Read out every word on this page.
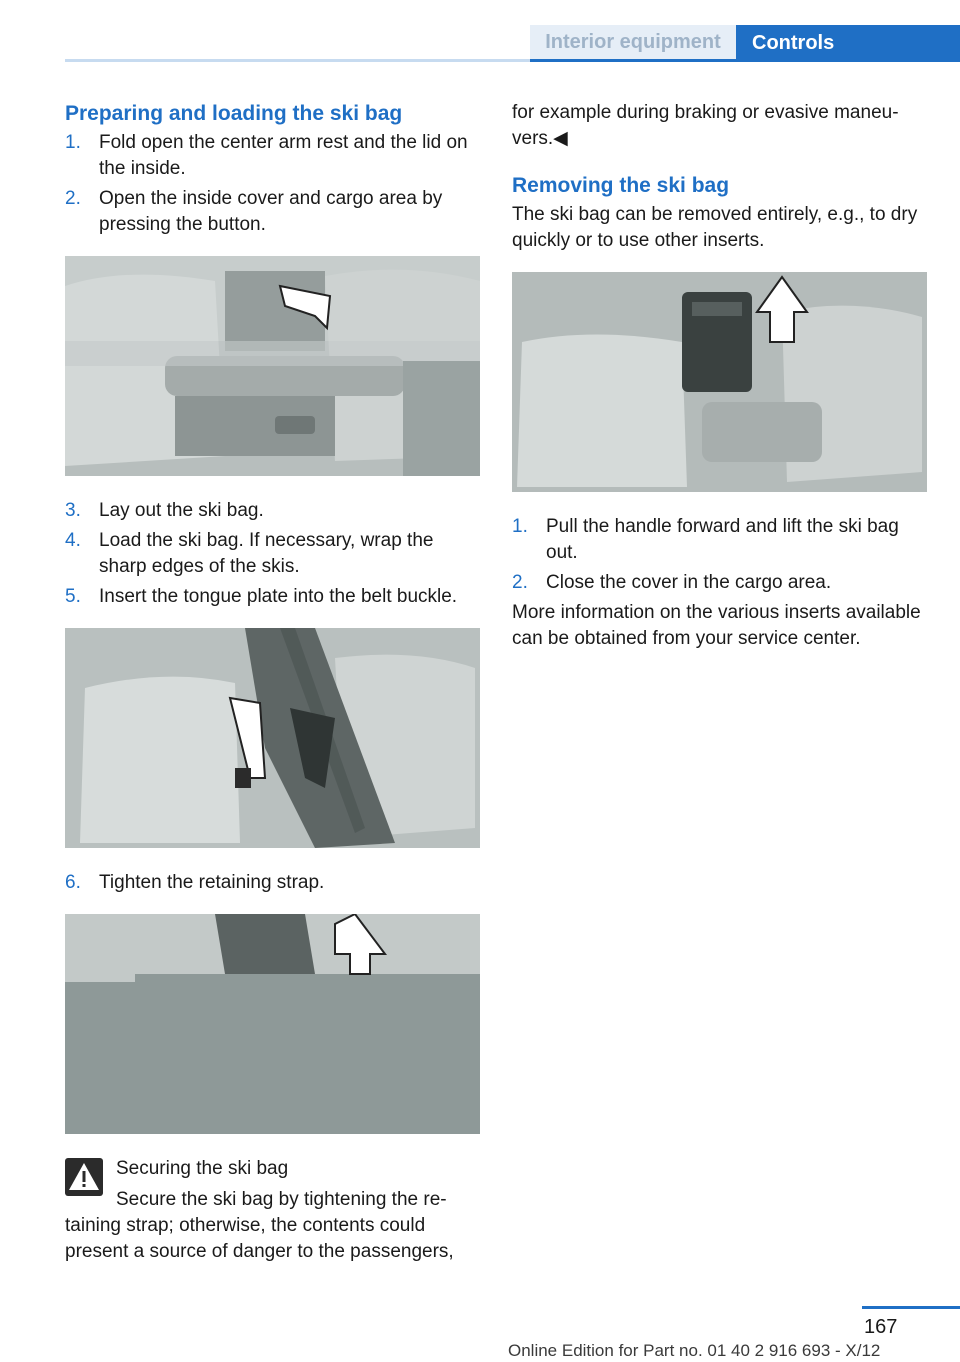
Interior equipment	Controls
Preparing and loading the ski bag
1. Fold open the center arm rest and the lid on the inside.
2. Open the inside cover and cargo area by pressing the button.
3. Lay out the ski bag.
4. Load the ski bag. If necessary, wrap the sharp edges of the skis.
5. Insert the tongue plate into the belt buckle.
6. Tighten the retaining strap.
Securing the ski bag
Secure the ski bag by tightening the re-
taining strap; otherwise, the contents could present a source of danger to the passengers,

for example during braking or evasive maneu-vers.◀

Removing the ski bag

The ski bag can be removed entirely, e.g., to dry quickly or to use other inserts.

1. Pull the handle forward and lift the ski bag out.
2. Close the cover in the cargo area.

More information on the various inserts available can be obtained from your service center.

167
Online Edition for Part no. 01 40 2 916 693 - X/12
